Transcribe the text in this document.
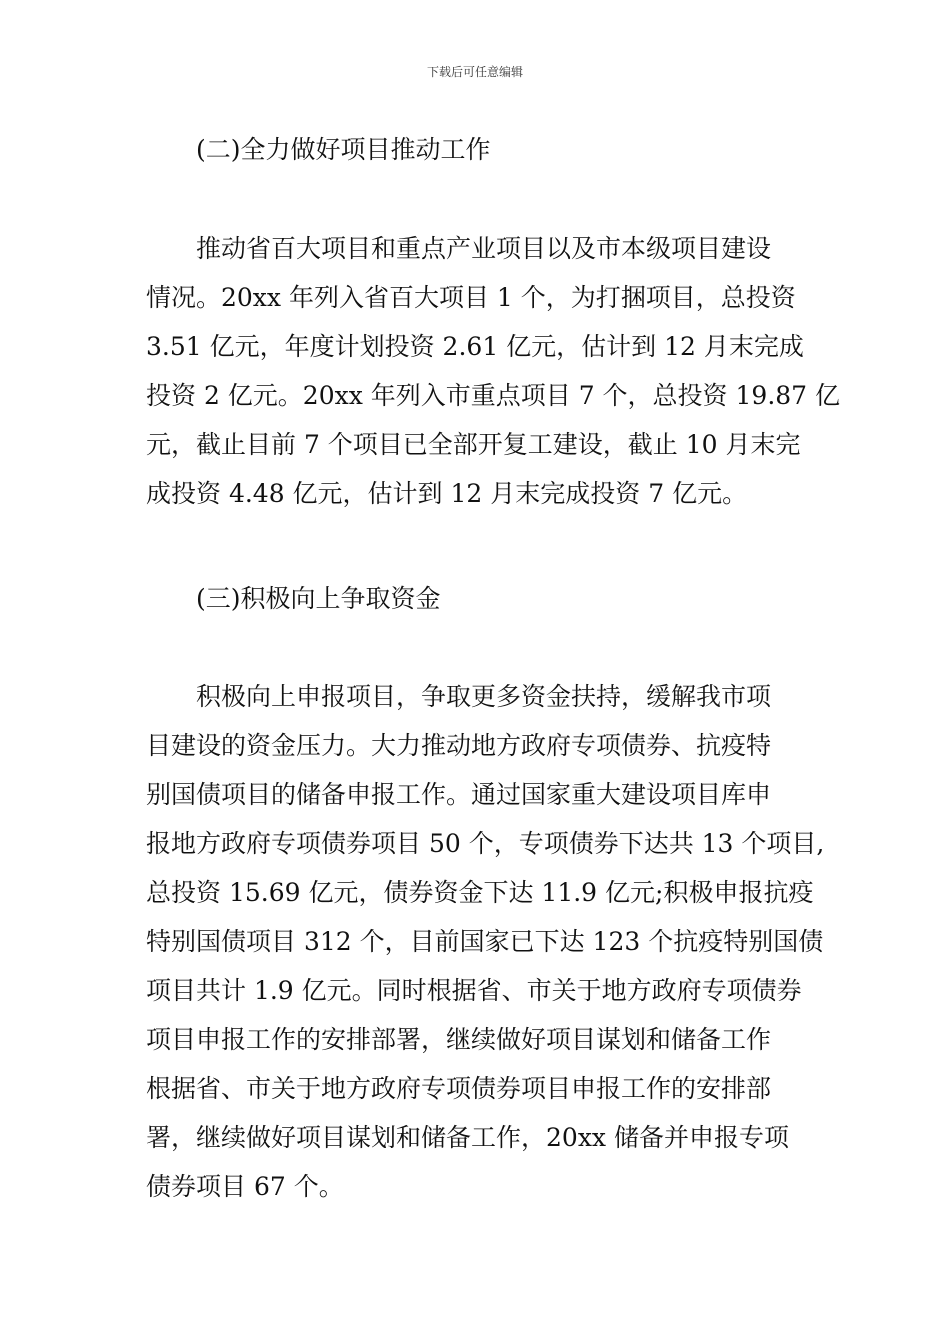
下载后可任意编辑
(二)全力做好项目推动工作
推动省百大项目和重点产业项目以及市本级项目建设
情况。20xx 年列入省百大项目 1 个，为打捆项目，总投资
3.51 亿元，年度计划投资 2.61 亿元，估计到 12 月末完成
投资 2 亿元。20xx 年列入市重点项目 7 个，总投资 19.87 亿
元，截止目前 7 个项目已全部开复工建设，截止 10 月末完
成投资 4.48 亿元，估计到 12 月末完成投资 7 亿元。
(三)积极向上争取资金
积极向上申报项目，争取更多资金扶持，缓解我市项
目建设的资金压力。大力推动地方政府专项债券、抗疫特
别国债项目的储备申报工作。通过国家重大建设项目库申
报地方政府专项债券项目 50 个，专项债券下达共 13 个项目,
总投资 15.69 亿元，债券资金下达 11.9 亿元;积极申报抗疫
特别国债项目 312 个，目前国家已下达 123 个抗疫特别国债
项目共计 1.9 亿元。同时根据省、市关于地方政府专项债券
项目申报工作的安排部署，继续做好项目谋划和储备工作
根据省、市关于地方政府专项债券项目申报工作的安排部
署，继续做好项目谋划和储备工作，20xx 储备并申报专项
债券项目 67 个。
